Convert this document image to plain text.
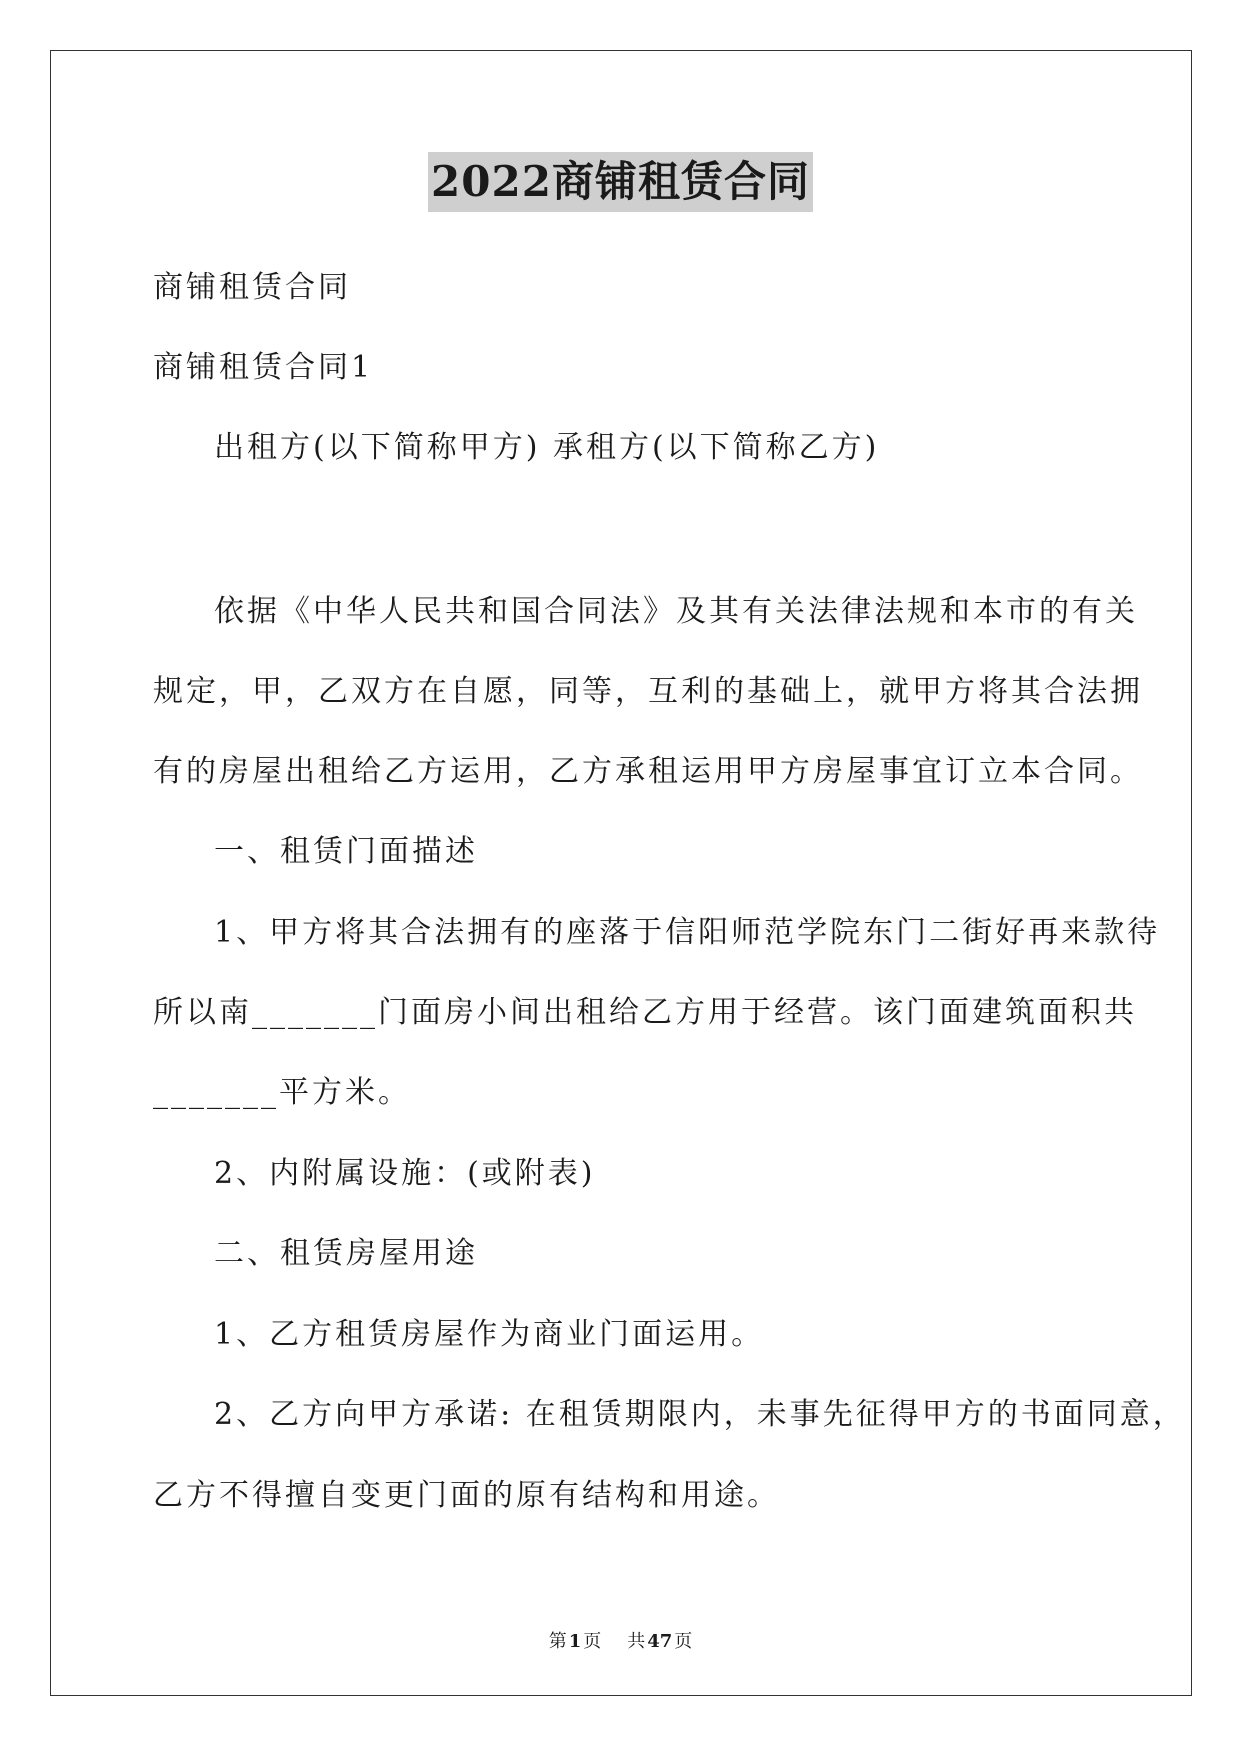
2022商铺租赁合同
商铺租赁合同
商铺租赁合同1
出租方(以下简称甲方) 承租方(以下简称乙方)
依据《中华人民共和国合同法》及其有关法律法规和本市的有关
规定，甲，乙双方在自愿，同等，互利的基础上，就甲方将其合法拥
有的房屋出租给乙方运用，乙方承租运用甲方房屋事宜订立本合同。
一、租赁门面描述
1、甲方将其合法拥有的座落于信阳师范学院东门二街好再来款待
所以南_______门面房小间出租给乙方用于经营。该门面建筑面积共
_______平方米。
2、内附属设施：(或附表)
二、租赁房屋用途
1、乙方租赁房屋作为商业门面运用。
2、乙方向甲方承诺: 在租赁期限内，未事先征得甲方的书面同意，
乙方不得擅自变更门面的原有结构和用途。
第 1 页 共 47 页
